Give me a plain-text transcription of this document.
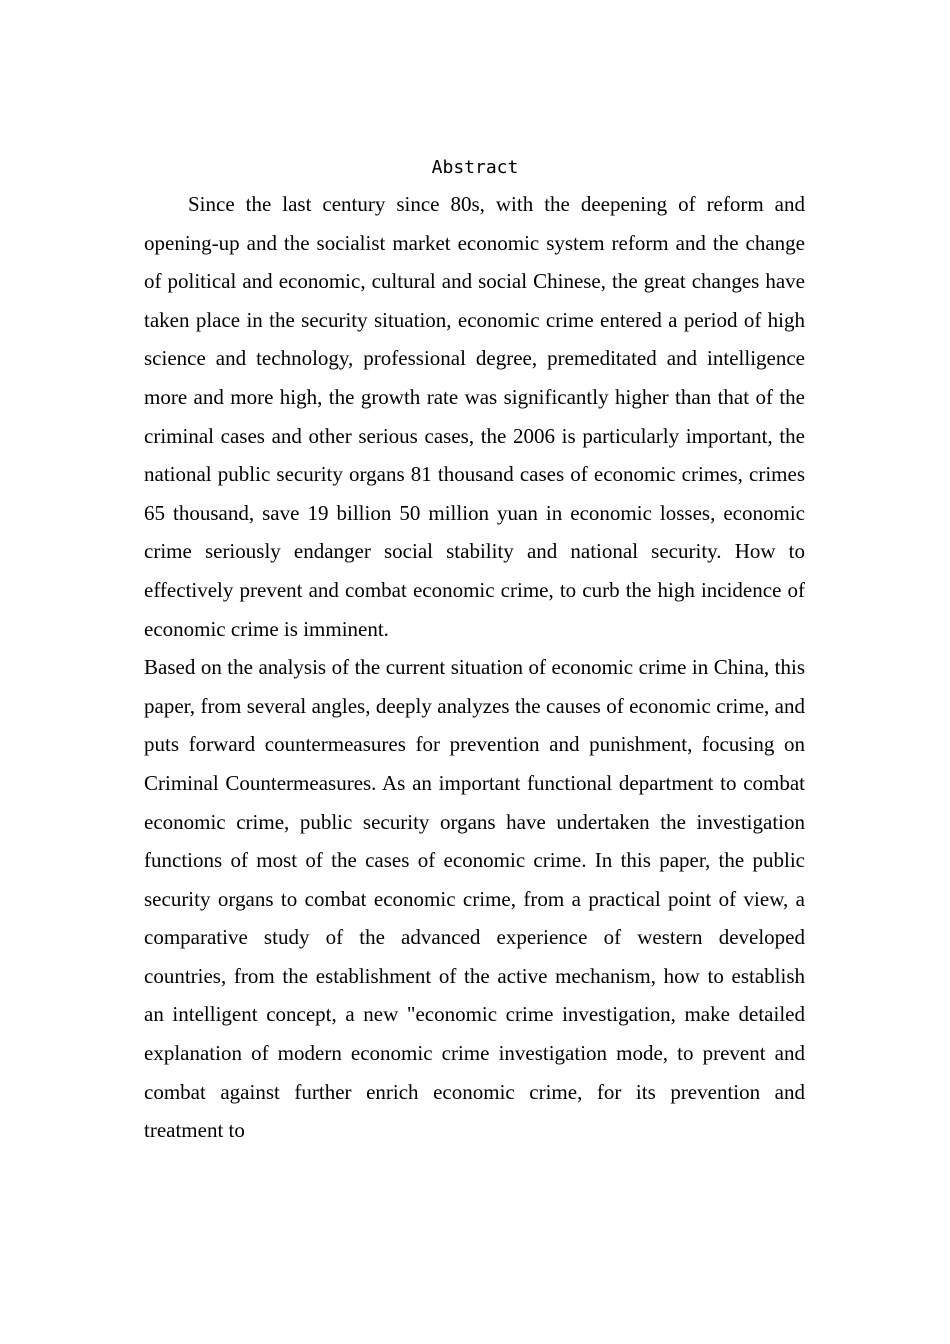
Abstract

Since the last century since 80s, with the deepening of reform and opening-up and the socialist market economic system reform and the change of political and economic, cultural and social Chinese, the great changes have taken place in the security situation, economic crime entered a period of high science and technology, professional degree, premeditated and intelligence more and more high, the growth rate was significantly higher than that of the criminal cases and other serious cases, the 2006 is particularly important, the national public security organs 81 thousand cases of economic crimes, crimes 65 thousand, save 19 billion 50 million yuan in economic losses, economic crime seriously endanger social stability and national security. How to effectively prevent and combat economic crime, to curb the high incidence of economic crime is imminent.

Based on the analysis of the current situation of economic crime in China, this paper, from several angles, deeply analyzes the causes of economic crime, and puts forward countermeasures for prevention and punishment, focusing on Criminal Countermeasures. As an important functional department to combat economic crime, public security organs have undertaken the investigation functions of most of the cases of economic crime. In this paper, the public security organs to combat economic crime, from a practical point of view, a comparative study of the advanced experience of western developed countries, from the establishment of the active mechanism, how to establish an intelligent concept, a new "economic crime investigation, make detailed explanation of modern economic crime investigation mode, to prevent and combat against further enrich economic crime, for its prevention and treatment to
